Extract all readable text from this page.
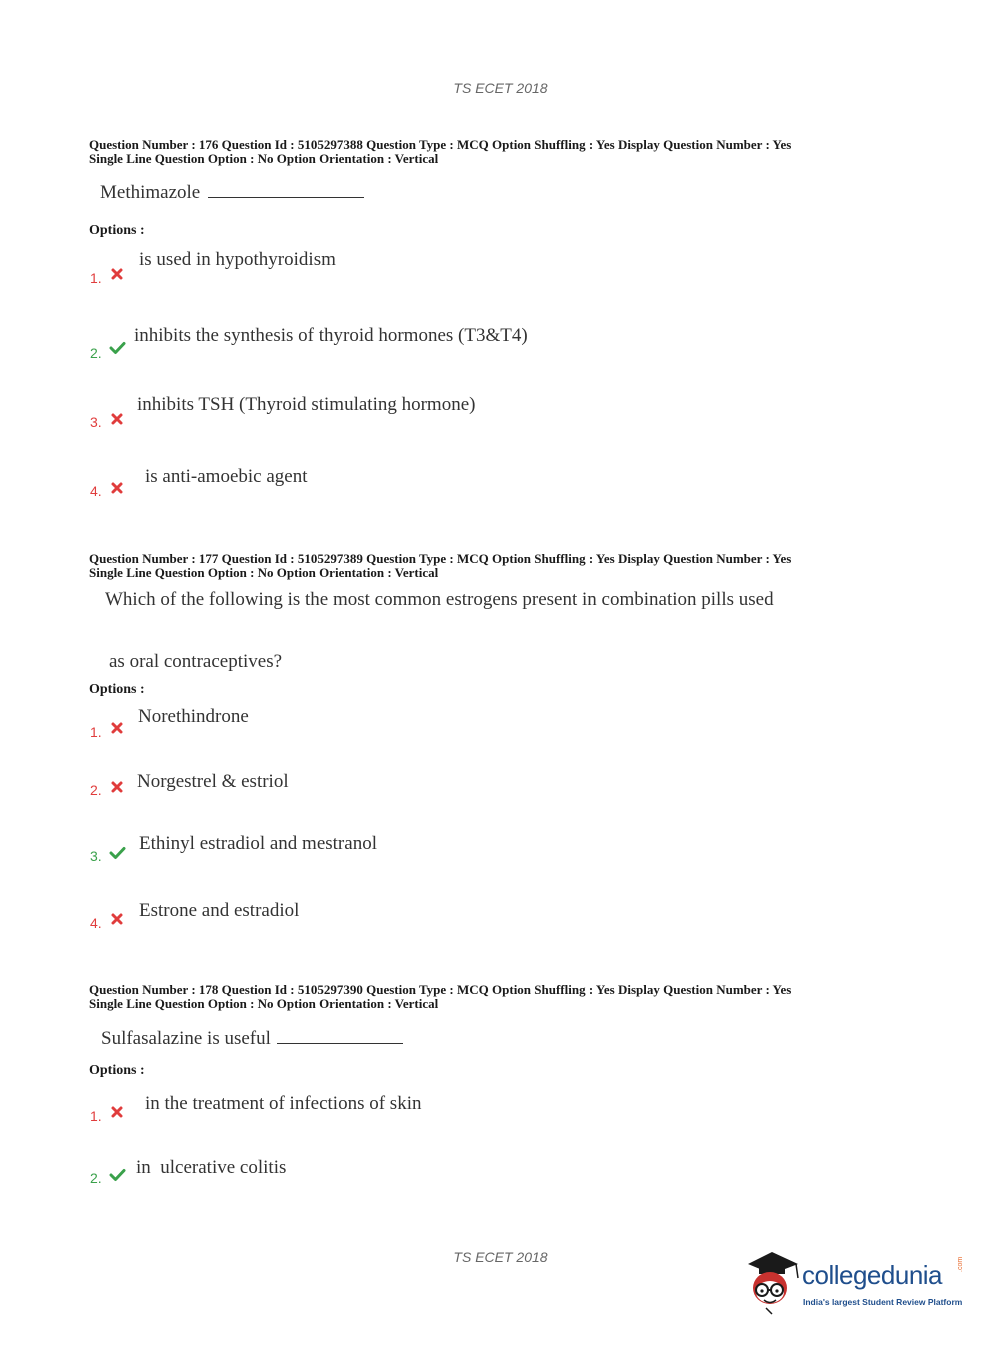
TS ECET 2018
Question Number : 176 Question Id : 5105297388 Question Type : MCQ Option Shuffling : Yes Display Question Number : Yes
Single Line Question Option : No Option Orientation : Vertical
Methimazole
Options :
1.
is used in hypothyroidism
2.
inhibits the synthesis of thyroid hormones (T3&T4)
3.
inhibits TSH (Thyroid stimulating hormone)
4.
is anti-amoebic agent
Question Number : 177 Question Id : 5105297389 Question Type : MCQ Option Shuffling : Yes Display Question Number : Yes
Single Line Question Option : No Option Orientation : Vertical
Which of the following is the most common estrogens present in combination pills used
as oral contraceptives?
Options :
1.
Norethindrone
2. Norgestrel & estriol
3.
Ethinyl estradiol and mestranol
4.
Estrone and estradiol
Question Number : 178 Question Id : 5105297390 Question Type : MCQ Option Shuffling : Yes Display Question Number : Yes
Single Line Question Option : No Option Orientation : Vertical
Sulfasalazine is useful
Options :
1.
in the treatment of infections of skin
2. in  ulcerative colitis
TS ECET 2018
collegedunia .com
India's largest Student Review Platform
